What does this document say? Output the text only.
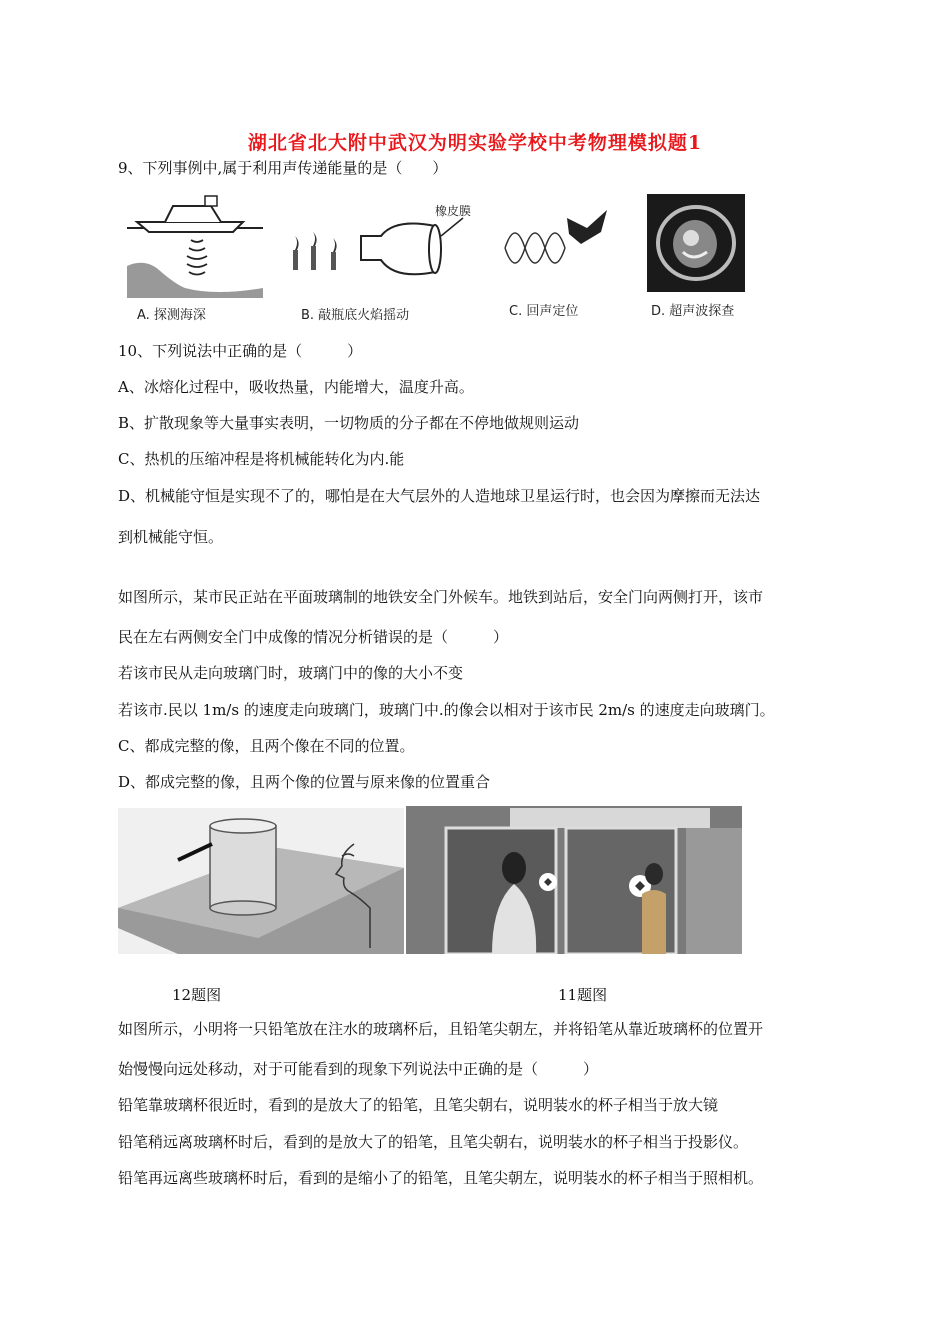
湖北省北大附中武汉为明实验学校中考物理模拟题1
9、下列事例中,属于利用声传递能量的是（　　）
A. 探测海深
橡皮膜
B. 敲瓶底火焰摇动	C. 回声定位	D. 超声波探查
10、下列说法中正确的是（　　　）
A、冰熔化过程中，吸收热量，内能增大，温度升高。
B、扩散现象等大量事实表明，一切物质的分子都在不停地做规则运动
C、热机的压缩冲程是将机械能转化为内.能
D、机械能守恒是实现不了的，哪怕是在大气层外的人造地球卫星运行时，也会因为摩擦而无法达
到机械能守恒。
如图所示，某市民正站在平面玻璃制的地铁安全门外候车。地铁到站后，安全门向两侧打开，该市
民在左右两侧安全门中成像的情况分析错误的是（　　　）
若该市民从走向玻璃门时，玻璃门中的像的大小不变
若该市.民以 1m/s 的速度走向玻璃门，玻璃门中.的像会以相对于该市民 2m/s 的速度走向玻璃门。
C、都成完整的像，且两个像在不同的位置。
D、都成完整的像，且两个像的位置与原来像的位置重合
12题图	11题图
如图所示，小明将一只铅笔放在注水的玻璃杯后，且铅笔尖朝左，并将铅笔从靠近玻璃杯的位置开
始慢慢向远处移动，对于可能看到的现象下列说法中正确的是（　　　）
铅笔靠玻璃杯很近时，看到的是放大了的铅笔，且笔尖朝右，说明装水的杯子相当于放大镜
铅笔稍远离玻璃杯时后，看到的是放大了的铅笔，且笔尖朝右，说明装水的杯子相当于投影仪。
铅笔再远离些玻璃杯时后，看到的是缩小了的铅笔，且笔尖朝左，说明装水的杯子相当于照相机。
